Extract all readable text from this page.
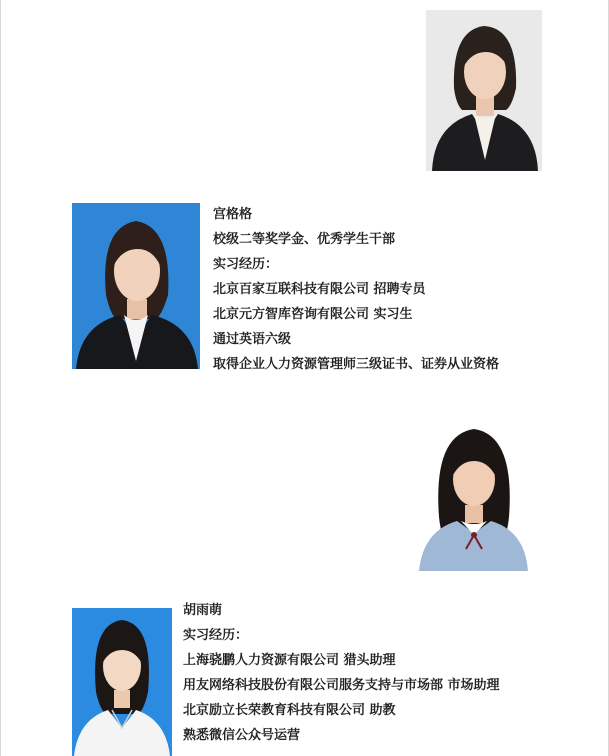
宫格格
校级二等奖学金、优秀学生干部
实习经历：
北京百家互联科技有限公司 招聘专员
北京元方智库咨询有限公司 实习生
通过英语六级
取得企业人力资源管理师三级证书、证券从业资格
胡雨萌
实习经历：
上海骁鹏人力资源有限公司 猎头助理
用友网络科技股份有限公司服务支持与市场部 市场助理
北京励立长荣教育科技有限公司 助教
熟悉微信公众号运营
